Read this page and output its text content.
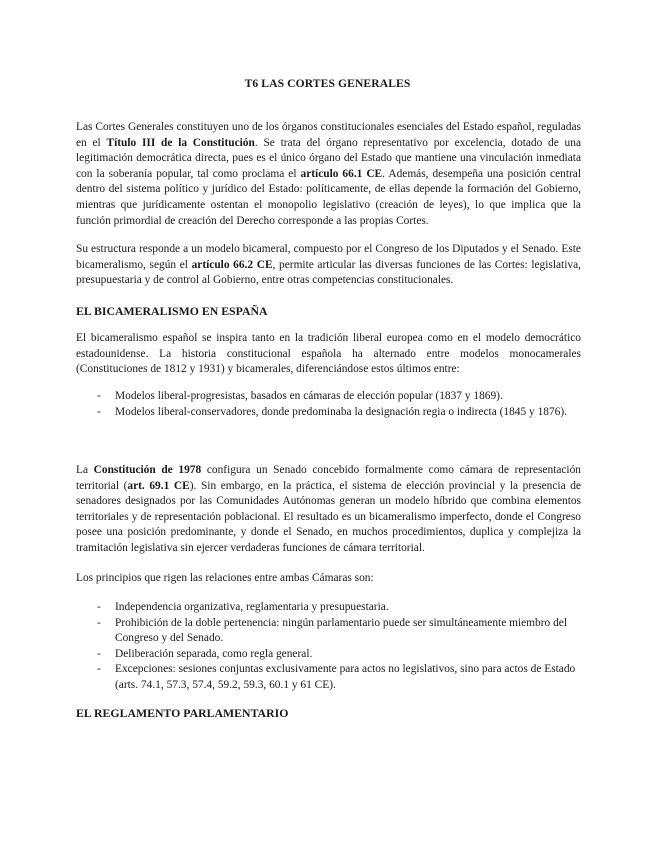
T6 LAS CORTES GENERALES

Las Cortes Generales constituyen uno de los órganos constitucionales esenciales del Estado español, reguladas en el Título III de la Constitución. Se trata del órgano representativo por excelencia, dotado de una legitimación democrática directa, pues es el único órgano del Estado que mantiene una vinculación inmediata con la soberanía popular, tal como proclama el artículo 66.1 CE. Además, desempeña una posición central dentro del sistema político y jurídico del Estado: políticamente, de ellas depende la formación del Gobierno, mientras que jurídicamente ostentan el monopolio legislativo (creación de leyes), lo que implica que la función primordial de creación del Derecho corresponde a las propias Cortes.

Su estructura responde a un modelo bicameral, compuesto por el Congreso de los Diputados y el Senado. Este bicameralismo, según el artículo 66.2 CE, permite articular las diversas funciones de las Cortes: legislativa, presupuestaria y de control al Gobierno, entre otras competencias constitucionales.

EL BICAMERALISMO EN ESPAÑA

El bicameralismo español se inspira tanto en la tradición liberal europea como en el modelo democrático estadounidense. La historia constitucional española ha alternado entre modelos monocamerales (Constituciones de 1812 y 1931) y bicamerales, diferenciándose estos últimos entre:

- Modelos liberal-progresistas, basados en cámaras de elección popular (1837 y 1869).
- Modelos liberal-conservadores, donde predominaba la designación regia o indirecta (1845 y 1876).

La Constitución de 1978 configura un Senado concebido formalmente como cámara de representación territorial (art. 69.1 CE). Sin embargo, en la práctica, el sistema de elección provincial y la presencia de senadores designados por las Comunidades Autónomas generan un modelo híbrido que combina elementos territoriales y de representación poblacional. El resultado es un bicameralismo imperfecto, donde el Congreso posee una posición predominante, y donde el Senado, en muchos procedimientos, duplica y complejiza la tramitación legislativa sin ejercer verdaderas funciones de cámara territorial.

Los principios que rigen las relaciones entre ambas Cámaras son:

- Independencia organizativa, reglamentaria y presupuestaria.
- Prohibición de la doble pertenencia: ningún parlamentario puede ser simultáneamente miembro del Congreso y del Senado.
- Deliberación separada, como regla general.
- Excepciones: sesiones conjuntas exclusivamente para actos no legislativos, sino para actos de Estado (arts. 74.1, 57.3, 57.4, 59.2, 59.3, 60.1 y 61 CE).
EL REGLAMENTO PARLAMENTARIO
